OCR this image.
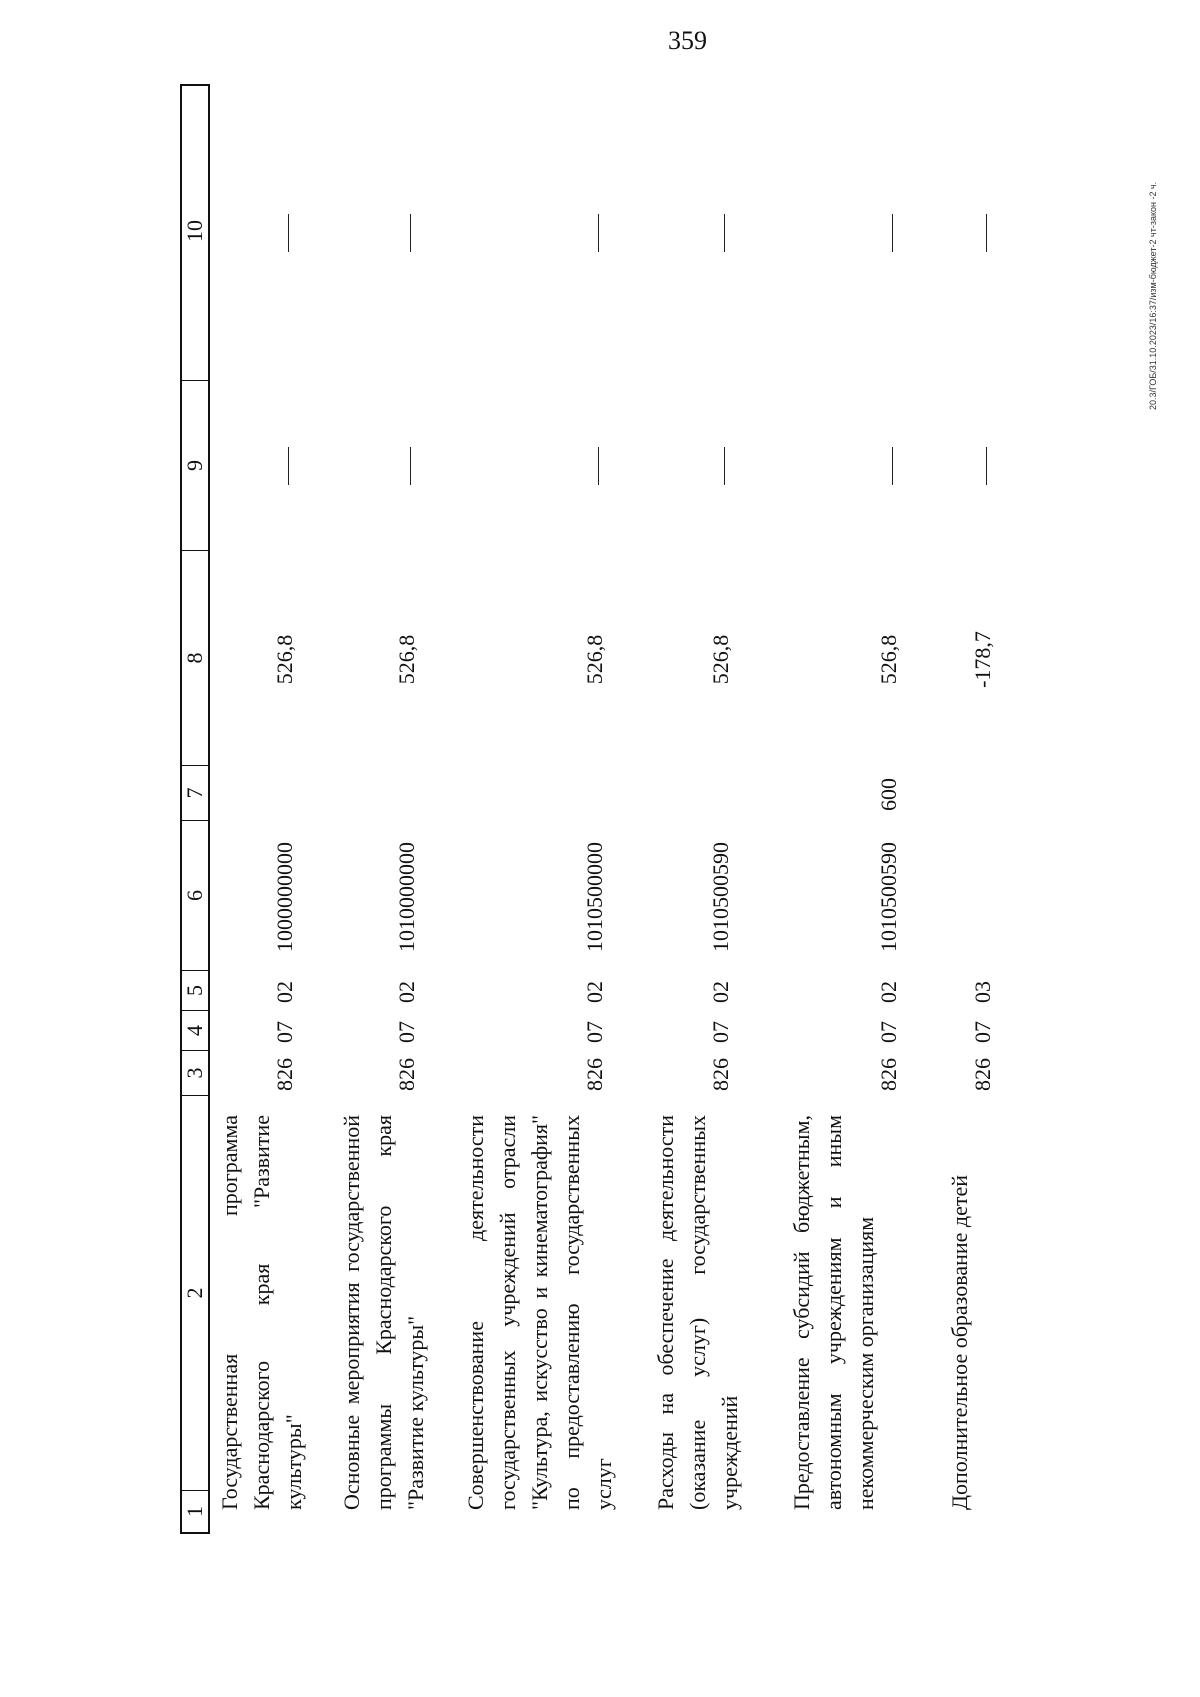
359
20.3/ГОБ/31.10.2023/16:37/изм-бюджет-2 чт-закон -2 ч.
1
2
3
4
5
6
7
8
9
10
Государственная программа Краснодарского края "Развитие культуры"
826
07
02
1000000000
526,8
Основные мероприятия государственной программы Краснодарского края "Развитие культуры"
826
07
02
1010000000
526,8
Совершенствование деятельности государственных учреждений отрасли "Культура, искусство и кинематография" по предоставлению государственных услуг
826
07
02
1010500000
526,8
Расходы на обеспечение деятельности (оказание услуг) государственных учреждений
826
07
02
1010500590
526,8
Предоставление субсидий бюджетным, автономным учреждениям и иным некоммерческим организациям
826
07
02
1010500590
600
526,8
Дополнительное образование детей
826
07
03
-178,7
